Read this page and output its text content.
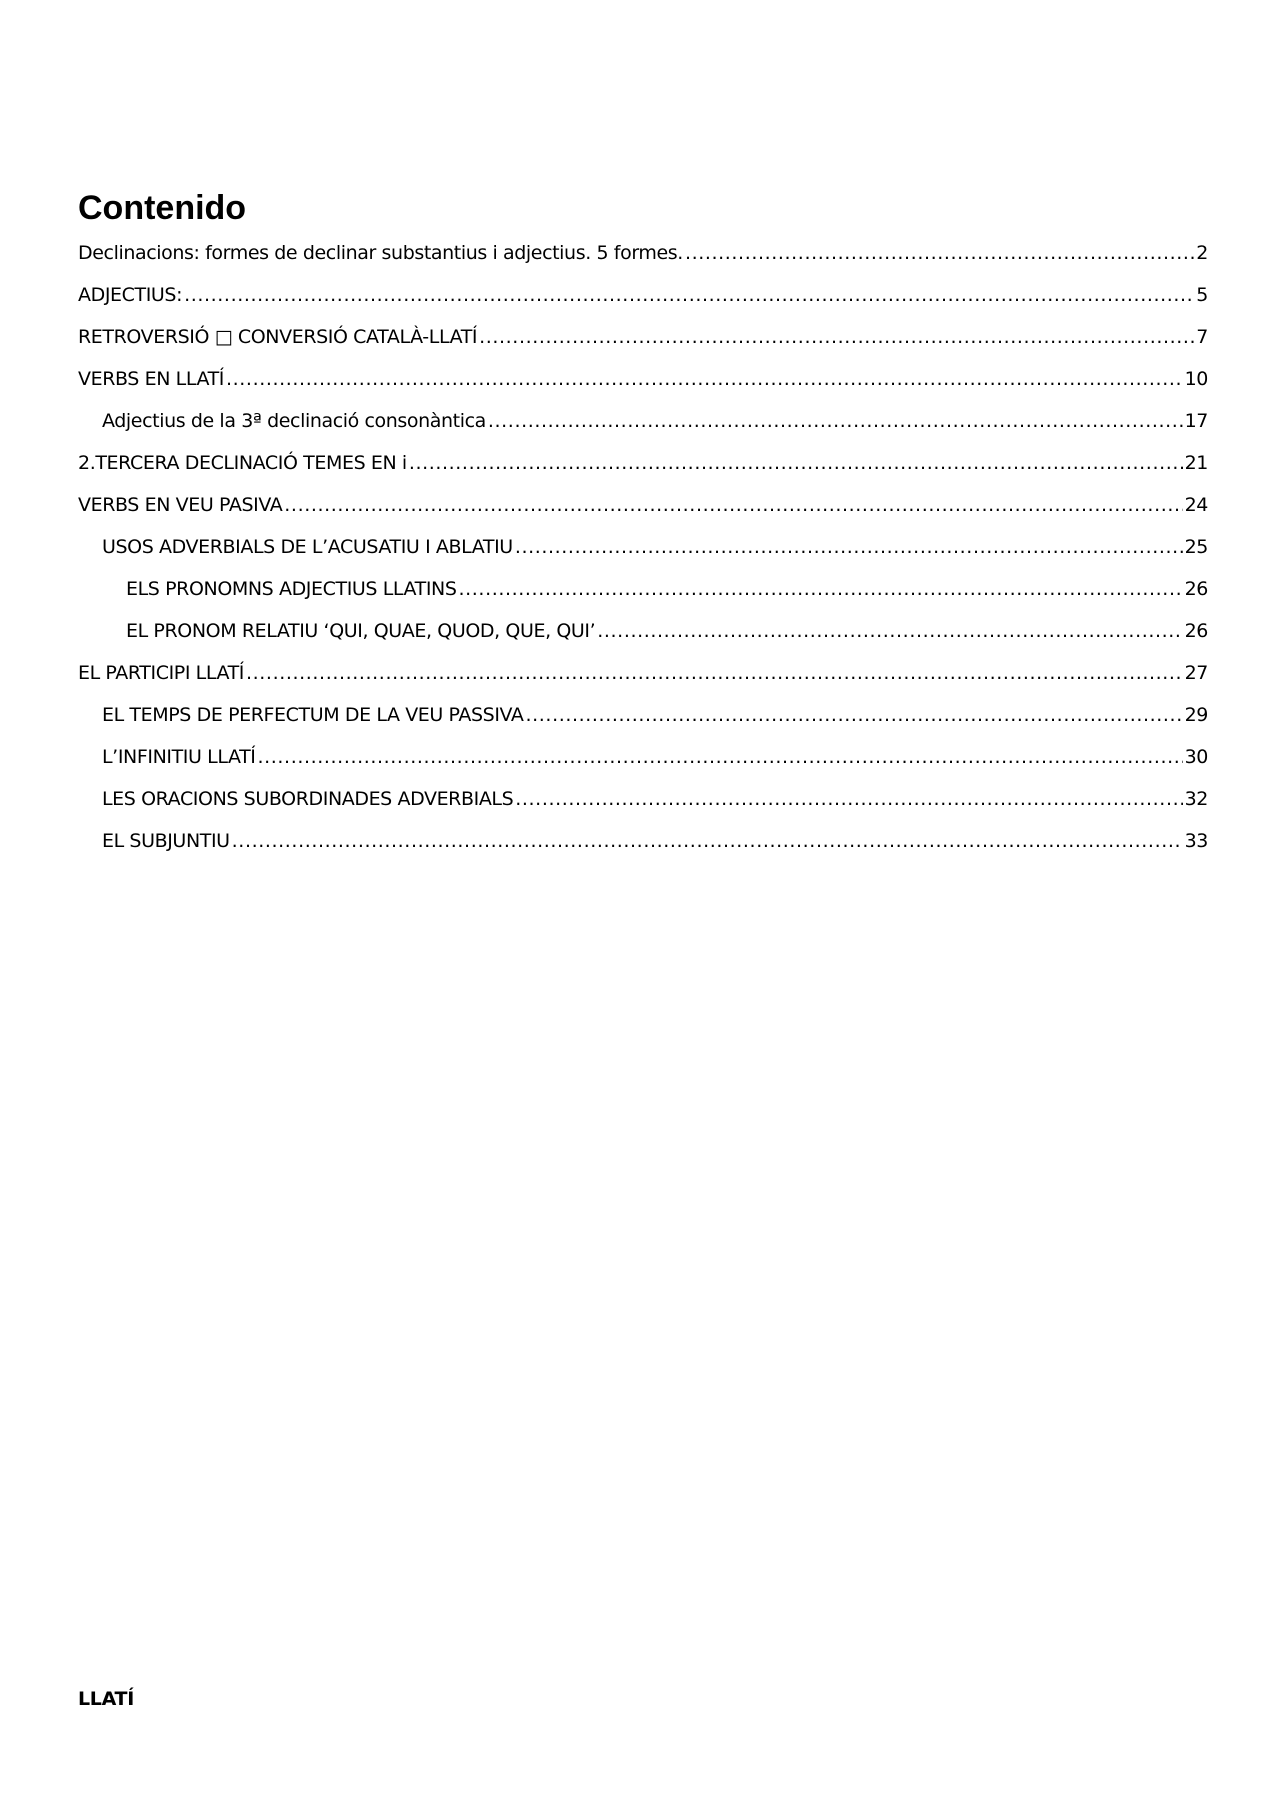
Contenido
Declinacions: formes de declinar substantius i adjectius. 5 formes. .....	2
ADJECTIUS: .....	5
RETROVERSIÓ □ CONVERSIÓ CATALÀ-LLATÍ .....	7
VERBS EN LLATÍ .....	10
Adjectius de la 3ª declinació consonàntica .....	17
2.TERCERA DECLINACIÓ TEMES EN i .....	21
VERBS EN VEU PASIVA .....	24
USOS ADVERBIALS DE L’ACUSATIU I ABLATIU .....	25
ELS PRONOMNS ADJECTIUS LLATINS .....	26
EL PRONOM RELATIU ‘QUI, QUAE, QUOD, QUE, QUI’ .....	26
EL PARTICIPI LLATÍ .....	27
EL TEMPS DE PERFECTUM DE LA VEU PASSIVA .....	29
L’INFINITIU LLATÍ .....	30
LES ORACIONS SUBORDINADES ADVERBIALS .....	32
EL SUBJUNTIU .....	33
LLATÍ
